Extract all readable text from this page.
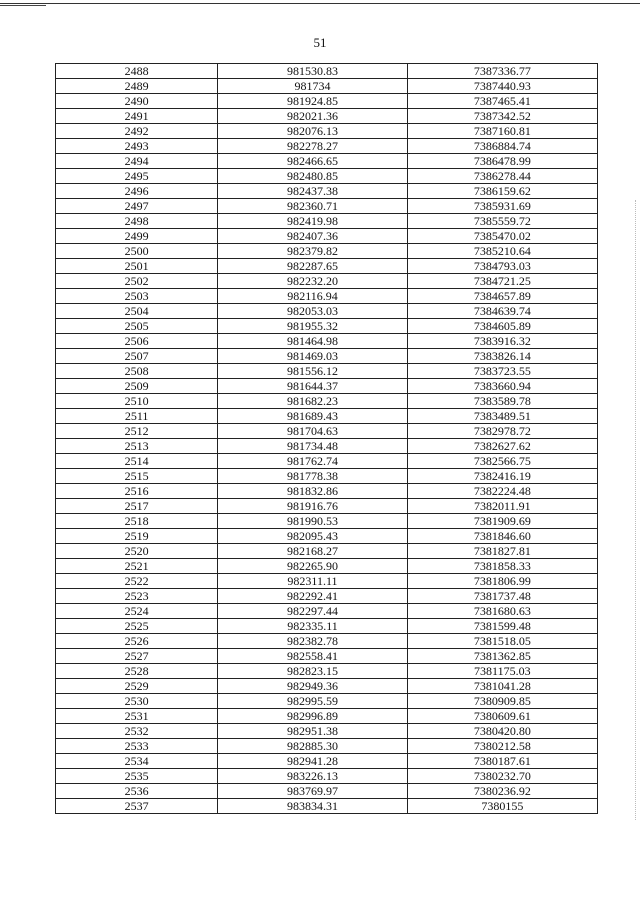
51
2488	981530.83	7387336.77
2489	981734	7387440.93
2490	981924.85	7387465.41
2491	982021.36	7387342.52
2492	982076.13	7387160.81
2493	982278.27	7386884.74
2494	982466.65	7386478.99
2495	982480.85	7386278.44
2496	982437.38	7386159.62
2497	982360.71	7385931.69
2498	982419.98	7385559.72
2499	982407.36	7385470.02
2500	982379.82	7385210.64
2501	982287.65	7384793.03
2502	982232.20	7384721.25
2503	982116.94	7384657.89
2504	982053.03	7384639.74
2505	981955.32	7384605.89
2506	981464.98	7383916.32
2507	981469.03	7383826.14
2508	981556.12	7383723.55
2509	981644.37	7383660.94
2510	981682.23	7383589.78
2511	981689.43	7383489.51
2512	981704.63	7382978.72
2513	981734.48	7382627.62
2514	981762.74	7382566.75
2515	981778.38	7382416.19
2516	981832.86	7382224.48
2517	981916.76	7382011.91
2518	981990.53	7381909.69
2519	982095.43	7381846.60
2520	982168.27	7381827.81
2521	982265.90	7381858.33
2522	982311.11	7381806.99
2523	982292.41	7381737.48
2524	982297.44	7381680.63
2525	982335.11	7381599.48
2526	982382.78	7381518.05
2527	982558.41	7381362.85
2528	982823.15	7381175.03
2529	982949.36	7381041.28
2530	982995.59	7380909.85
2531	982996.89	7380609.61
2532	982951.38	7380420.80
2533	982885.30	7380212.58
2534	982941.28	7380187.61
2535	983226.13	7380232.70
2536	983769.97	7380236.92
2537	983834.31	7380155
